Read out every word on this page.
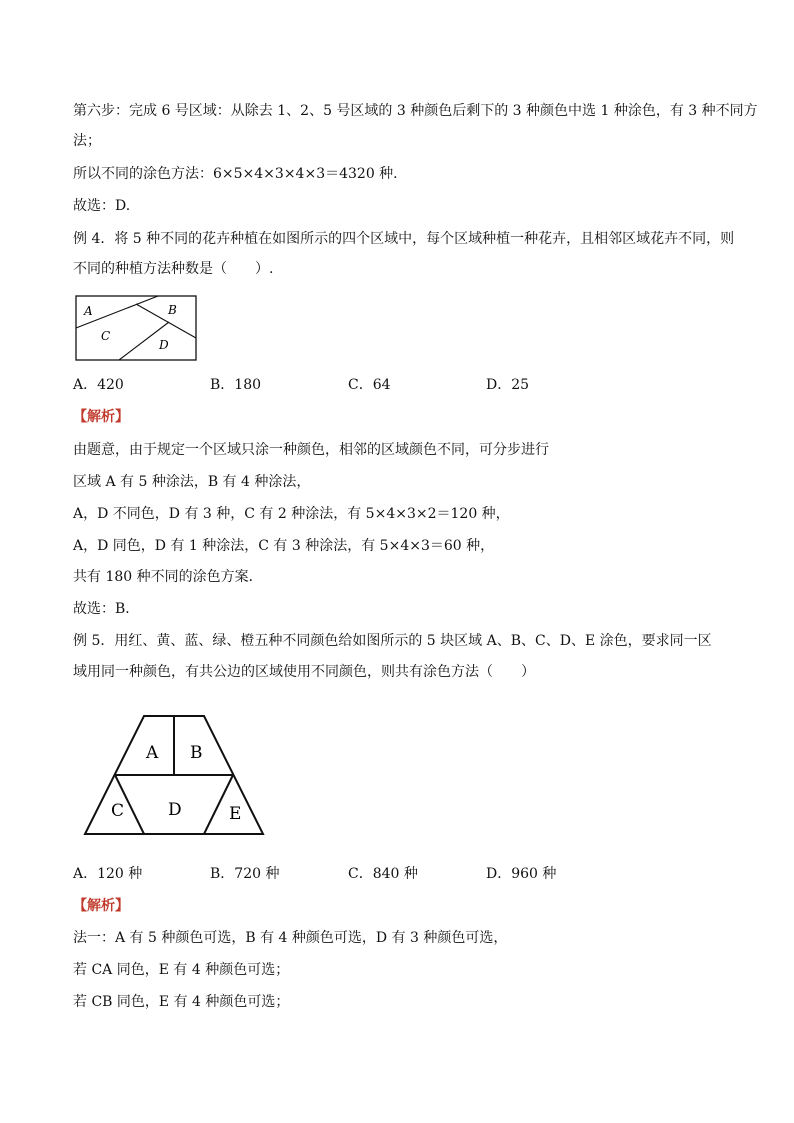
第六步：完成 6 号区域：从除去 1、2、5 号区域的 3 种颜色后剩下的 3 种颜色中选 1 种涂色，有 3 种不同方
法；
所以不同的涂色方法：6×5×4×3×4×3＝4320 种.
故选：D.
例 4．将 5 种不同的花卉种植在如图所示的四个区域中，每个区域种植一种花卉，且相邻区域花卉不同，则
不同的种植方法种数是（　　）.
A	B
C
D
A．420	B．180	C．64	D．25
【解析】
由题意，由于规定一个区域只涂一种颜色，相邻的区域颜色不同，可分步进行
区域 A 有 5 种涂法，B 有 4 种涂法，
A，D 不同色，D 有 3 种，C 有 2 种涂法，有 5×4×3×2＝120 种，
A，D 同色，D 有 1 种涂法，C 有 3 种涂法，有 5×4×3＝60 种，
共有 180 种不同的涂色方案．
故选：B．
例 5．用红、黄、蓝、绿、橙五种不同颜色给如图所示的 5 块区域 A、B、C、D、E 涂色，要求同一区
域用同一种颜色，有共公边的区域使用不同颜色，则共有涂色方法（　　）
A B
C	D	E
A．120 种	B．720 种	C．840 种	D．960 种
【解析】
法一：A 有 5 种颜色可选，B 有 4 种颜色可选，D 有 3 种颜色可选，
若 CA 同色，E 有 4 种颜色可选；
若 CB 同色，E 有 4 种颜色可选；
